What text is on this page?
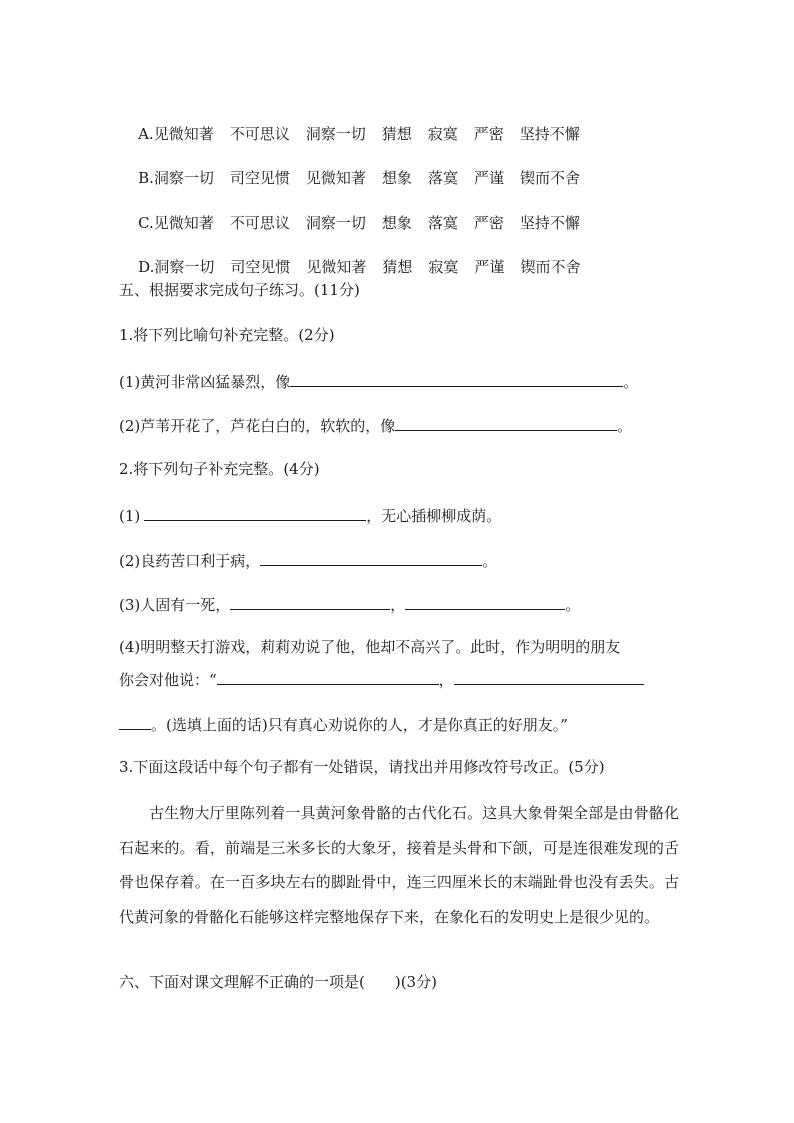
A.见微知著 不可思议 洞察一切 猜想 寂寞 严密 坚持不懈

B.洞察一切 司空见惯 见微知著 想象 落寞 严谨 锲而不舍

C.见微知著 不可思议 洞察一切 想象 落寞 严密 坚持不懈

D.洞察一切 司空见惯 见微知著 猜想 寂寞 严谨 锲而不舍

五、根据要求完成句子练习。(11分)
1.将下列比喻句补充完整。(2分)
(1)黄河非常凶猛暴烈，像	。
(2)芦苇开花了，芦花白白的，软软的，像	。
2.将下列句子补充完整。(4分)
(1)	，无心插柳柳成荫。
(2)良药苦口利于病，	。
(3)人固有一死，	，	。
(4)明明整天打游戏，莉莉劝说了他，他却不高兴了。此时，作为明明的朋友
你会对他说：“	，
。(选填上面的话)只有真心劝说你的人，才是你真正的好朋友。”
3.下面这段话中每个句子都有一处错误，请找出并用修改符号改正。(5分)
古生物大厅里陈列着一具黄河象骨骼的古代化石。这具大象骨架全部是由骨骼化石起来的。看，前端是三米多长的大象牙，接着是头骨和下颌，可是连很难发现的舌骨也保存着。在一百多块左右的脚趾骨中，连三四厘米长的末端趾骨也没有丢失。古代黄河象的骨骼化石能够这样完整地保存下来，在象化石的发明史上是很少见的。
六、下面对课文理解不正确的一项是(　　)(3分)
